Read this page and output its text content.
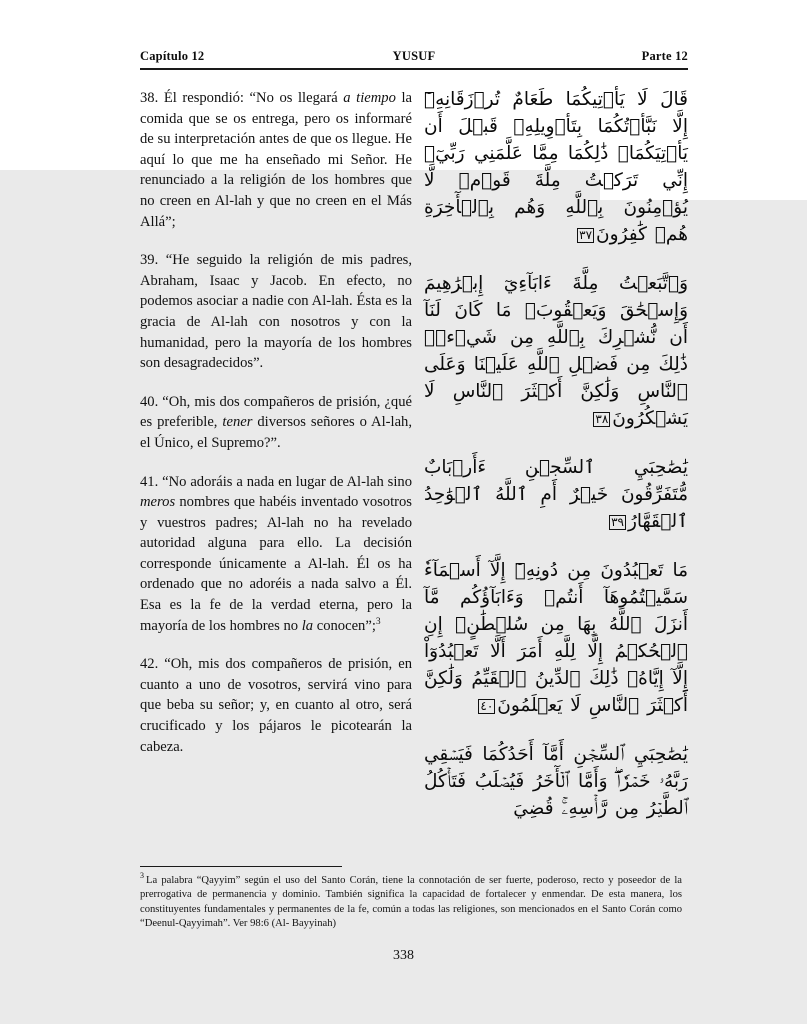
Capítulo 12	YUSUF	Parte 12

38. Él respondió: “No os llegará a tiempo la comida que se os entrega, pero os informaré de su interpretación antes de que os llegue. He aquí lo que me ha enseñado mi Señor. He renunciado a la religión de los hombres que no creen en Al-lah y que no creen en el Más Allá”;

39. “He seguido la religión de mis padres, Abraham, Isaac y Jacob. En efecto, no podemos asociar a nadie con Al-lah. Ésta es la gracia de Al-lah con nosotros y con la humanidad, pero la mayoría de los hombres son desagradecidos”.

40. “Oh, mis dos compañeros de prisión, ¿qué es preferible, tener diversos señores o Al-lah, el Único, el Supremo?”.

41. “No adoráis a nada en lugar de Al-lah sino meros nombres que habéis inventado vosotros y vuestros padres; Al-lah no ha revelado autoridad alguna para ello. La decisión corresponde únicamente a Al-lah. Él os ha ordenado que no adoréis a nada salvo a Él. Esa es la fe de la verdad eterna, pero la mayoría de los hombres no la conocen”;$^3$

42. “Oh, mis dos compañeros de prisión, en cuanto a uno de vosotros, servirá vino para que beba su señor; y, en cuanto al otro, será crucificado y los pájaros le picotearán la cabeza.

قَالَ لَا يَأۡتِيكُمَا طَعَامٌ تُرۡزَقَانِهِۦٓ إِلَّا نَبَّأۡتُكُمَا بِتَأۡوِيلِهِۦ قَبۡلَ أَن يَأۡتِيَكُمَاۚ ذَٰلِكُمَا مِمَّا عَلَّمَنِي رَبِّيٓۚ إِنِّي تَرَكۡتُ مِلَّةَ قَوۡمٖ لَّا يُؤۡمِنُونَ بِٱللَّهِ وَهُم بِٱلۡأٓخِرَةِ هُمۡ كَٰفِرُونَ٣٧

وَٱتَّبَعۡتُ مِلَّةَ ءَابَآءِيٓ إِبۡرَٰهِيمَ وَإِسۡحَٰقَ وَيَعۡقُوبَۚ مَا كَانَ لَنَآ أَن نُّشۡرِكَ بِٱللَّهِ مِن شَيۡءٖۚ ذَٰلِكَ مِن فَضۡلِ ٱللَّهِ عَلَيۡنَا وَعَلَى ٱلنَّاسِ وَلَٰكِنَّ أَكۡثَرَ ٱلنَّاسِ لَا يَشۡكُرُونَ٣٨

يَٰصَٰحِبَيِ ٱلسِّجۡنِ ءَأَرۡبَابٌ مُّتَفَرِّقُونَ خَيۡرٌ أَمِ ٱللَّهُ ٱلۡوَٰحِدُ ٱلۡقَهَّارُ٣٩

مَا تَعۡبُدُونَ مِن دُونِهِۦٓ إِلَّآ أَسۡمَآءٗ سَمَّيۡتُمُوهَآ أَنتُمۡ وَءَابَآؤُكُم مَّآ أَنزَلَ ٱللَّهُ بِهَا مِن سُلۡطَٰنٍۚ إِنِ ٱلۡحُكۡمُ إِلَّا لِلَّهِ أَمَرَ أَلَّا تَعۡبُدُوٓاْ إِلَّآ إِيَّاهُۚ ذَٰلِكَ ٱلدِّينُ ٱلۡقَيِّمُ وَلَٰكِنَّ أَكۡثَرَ ٱلنَّاسِ لَا يَعۡلَمُونَ٤٠

يَٰصَٰحِبَيِ ٱلسِّجۡنِ أَمَّآ أَحَدُكُمَا فَيَسۡقِي رَبَّهُۥ خَمۡرٗاۖ وَأَمَّا ٱلۡأٓخَرُ فَيُصۡلَبُ فَتَأۡكُلُ ٱلطَّيۡرُ مِن رَّأۡسِهِۦۚ قُضِيَ

$^3$ La palabra “Qayyim” según el uso del Santo Corán, tiene la connotación de ser fuerte, poderoso, recto y poseedor de la prerrogativa de permanencia y dominio. También significa la capacidad de fortalecer y enmendar. De esta manera, los constituyentes fundamentales y permanentes de la fe, común a todas las religiones, son mencionados en el Santo Corán como “Deenul-Qayyimah”. Ver 98:6 (Al- Bayyinah)
338
